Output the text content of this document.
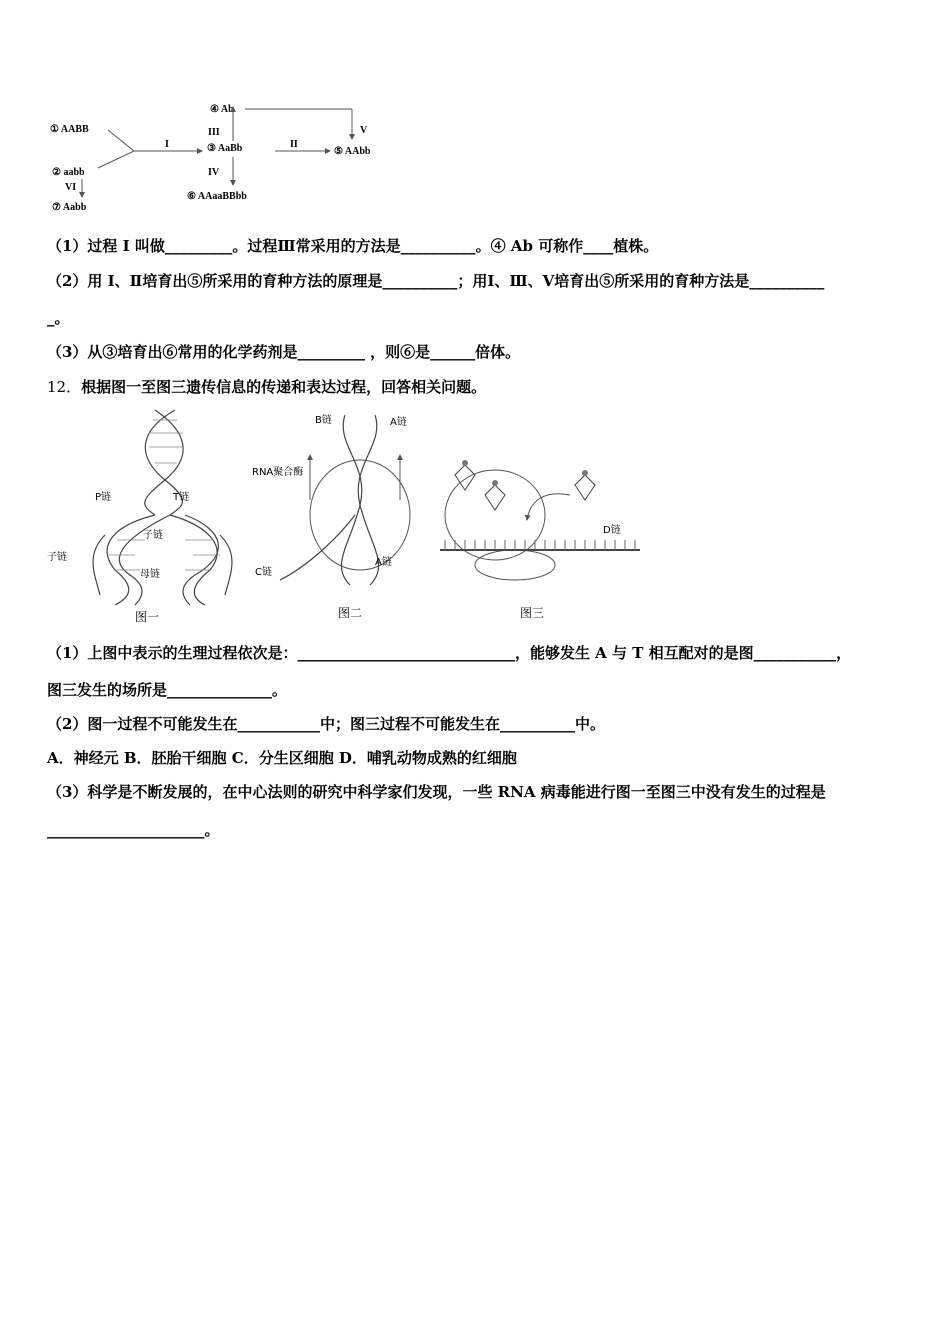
① AABB
② aabb
③ AaBb
④ Ab
⑤ AAbb
⑥ AAaaBBbb
⑦ Aabb
I	II
III
IV
V
VI
（1）过程 I 叫做_________。过程Ⅲ常采用的方法是__________。④ Ab 可称作____植株。
（2）用 I、Ⅱ培育出⑤所采用的育种方法的原理是__________；用Ⅰ、Ⅲ、Ⅴ培育出⑤所采用的育种方法是__________
_。
（3）从③培育出⑥常用的化学药剂是_________ ，则⑥是______倍体。
12．根据图一至图三遗传信息的传递和表达过程，回答相关问题。
P链	T链
子链
子链
母链
图一
B链	A链
RNA聚合酶
A链
C链
图二
D链
图三
（1）上图中表示的生理过程依次是：_____________________________，能够发生 A 与 T 相互配对的是图___________，
图三发生的场所是______________。
（2）图一过程不可能发生在___________中；图三过程不可能发生在__________中。
A．神经元 B．胚胎干细胞 C．分生区细胞 D．哺乳动物成熟的红细胞
（3）科学是不断发展的，在中心法则的研究中科学家们发现，一些 RNA 病毒能进行图一至图三中没有发生的过程是
_____________________。
